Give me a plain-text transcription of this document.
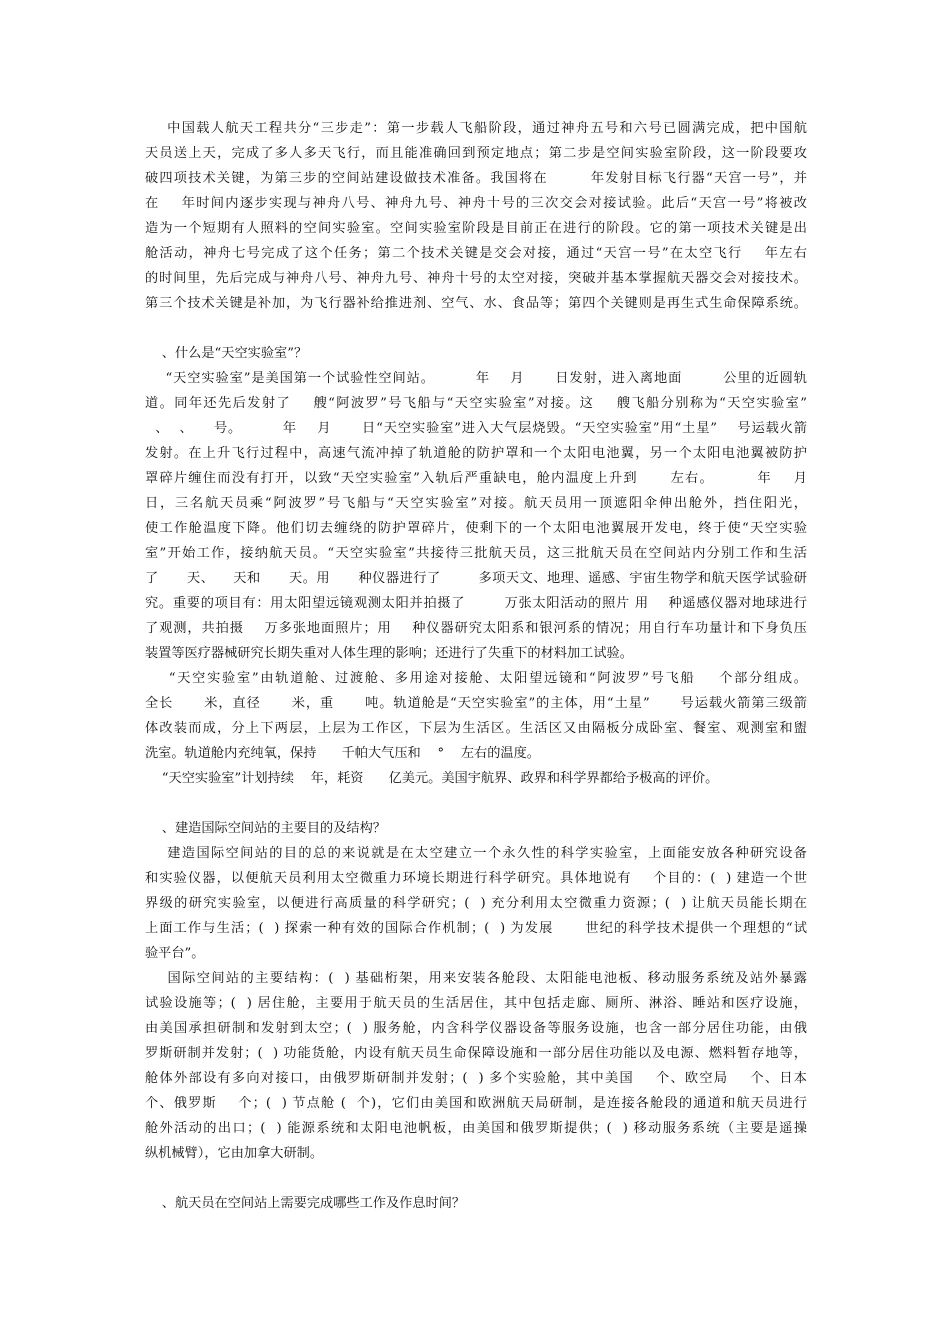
中国载人航天工程共分“三步走”：第一步载人飞船阶段，通过神舟五号和六号已圆满完成，把中国航
天员送上天，完成了多人多天飞行，而且能准确回到预定地点；第二步是空间实验室阶段，这一阶段要攻
破四项技术关键，为第三步的空间站建设做技术准备。我国将在        年发射目标飞行器“天宫一号”，并
在    年时间内逐步实现与神舟八号、神舟九号、神舟十号的三次交会对接试验。此后“天宫一号”将被改
造为一个短期有人照料的空间实验室。空间实验室阶段是目前正在进行的阶段。它的第一项技术关键是出
舱活动，神舟七号完成了这个任务；第二个技术关键是交会对接，通过“天宫一号”在太空飞行    年左右
的时间里，先后完成与神舟八号、神舟九号、神舟十号的太空对接，突破并基本掌握航天器交会对接技术。
第三个技术关键是补加，为飞行器补给推进剂、空气、水、食品等；第四个关键则是再生式生命保障系统。
、什么是“天空实验室”？
“天空实验室”是美国第一个试验性空间站。        年    月      日发射，进入离地面        公里的近圆轨
道。同年还先后发射了    艘“阿波罗”号飞船与“天空实验室”对接。这    艘飞船分别称为“天空实验室”
、  、    号。        年    月      日“天空实验室”进入大气层烧毁。“天空实验室”用“土星”    号运载火箭
发射。在上升飞行过程中，高速气流冲掉了轨道舱的防护罩和一个太阳电池翼，另一个太阳电池翼被防护
罩碎片缠住而没有打开，以致“天空实验室”入轨后严重缺电，舱内温度上升到      左右。        年    月
日，三名航天员乘“阿波罗”号飞船与“天空实验室”对接。航天员用一顶遮阳伞伸出舱外，挡住阳光，
使工作舱温度下降。他们切去缠绕的防护罩碎片，使剩下的一个太阳电池翼展开发电，终于使“天空实验
室”开始工作，接纳航天员。“天空实验室”共接待三批航天员，这三批航天员在空间站内分别工作和生活
了      天、    天和      天。用      种仪器进行了        多项天文、地理、遥感、宇宙生物学和航天医学试验研
究。重要的项目有：用太阳望远镜观测太阳并拍摄了        万张太阳活动的照片 用    种遥感仪器对地球进行
了观测，共拍摄    万多张地面照片；用    种仪器研究太阳系和银河系的情况；用自行车功量计和下身负压
装置等医疗器械研究长期失重对人体生理的影响；还进行了失重下的材料加工试验。
“天空实验室”由轨道舱、过渡舱、多用途对接舱、太阳望远镜和“阿波罗”号飞船    个部分组成。
全长      米，直径      米，重      吨。轨道舱是“天空实验室”的主体，用“土星”      号运载火箭第三级箭
体改装而成，分上下两层，上层为工作区，下层为生活区。生活区又由隔板分成卧室、餐室、观测室和盥
洗室。轨道舱内充纯氧，保持      千帕大气压和    °    左右的温度。
“天空实验室”计划持续    年，耗资      亿美元。美国宇航界、政界和科学界都给予极高的评价。
、建造国际空间站的主要目的及结构？
建造国际空间站的目的总的来说就是在太空建立一个永久性的科学实验室，上面能安放各种研究设备
和实验仪器，以便航天员利用太空微重力环境长期进行科学研究。具体地说有    个目的：(  ) 建造一个世
界级的研究实验室，以便进行高质量的科学研究；(  ) 充分利用太空微重力资源；(  ) 让航天员能长期在
上面工作与生活；(  ) 探索一种有效的国际合作机制；(  ) 为发展      世纪的科学技术提供一个理想的“试
验平台”。
国际空间站的主要结构：(  ) 基础桁架，用来安装各舱段、太阳能电池板、移动服务系统及站外暴露
试验设施等；(  ) 居住舱，主要用于航天员的生活居住，其中包括走廊、厕所、淋浴、睡站和医疗设施，
由美国承担研制和发射到太空；(  ) 服务舱，内含科学仪器设备等服务设施，也含一部分居住功能，由俄
罗斯研制并发射；(  ) 功能货舱，内设有航天员生命保障设施和一部分居住功能以及电源、燃料暂存地等，
舱体外部设有多向对接口，由俄罗斯研制并发射；(  ) 多个实验舱，其中美国    个、欧空局    个、日本
个、俄罗斯    个；(  ) 节点舱 (  个)，它们由美国和欧洲航天局研制，是连接各舱段的通道和航天员进行
舱外活动的出口；(  ) 能源系统和太阳电池帆板，由美国和俄罗斯提供；(  ) 移动服务系统（主要是遥操
纵机械臂），它由加拿大研制。
、航天员在空间站上需要完成哪些工作及作息时间？
